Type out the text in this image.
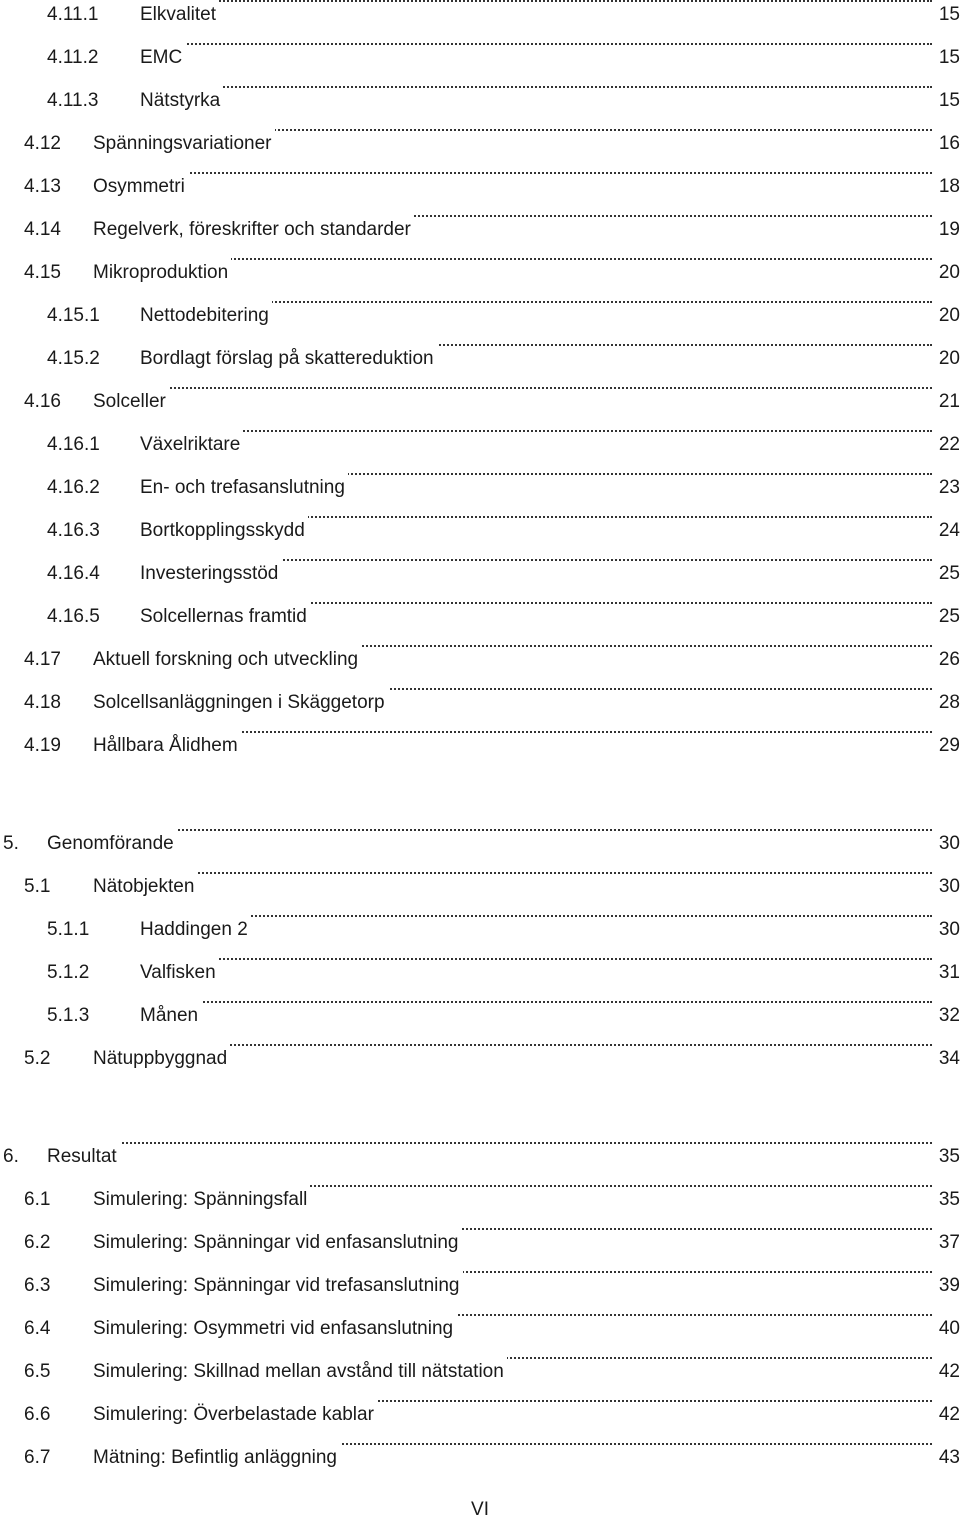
4.11.1 Elkvalitet	15
4.11.2 EMC	15
4.11.3 Nätstyrka	15
4.12 Spänningsvariationer	16
4.13 Osymmetri	18
4.14 Regelverk, föreskrifter och standarder	19
4.15 Mikroproduktion	20
4.15.1 Nettodebitering	20
4.15.2 Bordlagt förslag på skattereduktion	20
4.16 Solceller	21
4.16.1 Växelriktare	22
4.16.2 En- och trefasanslutning	23
4.16.3 Bortkopplingsskydd	24
4.16.4 Investeringsstöd	25
4.16.5 Solcellernas framtid	25
4.17 Aktuell forskning och utveckling	26
4.18 Solcellsanläggningen i Skäggetorp	28
4.19 Hållbara Ålidhem	29
5. Genomförande	30
5.1 Nätobjekten	30
5.1.1	Haddingen 2	30
5.1.2	Valfisken	31
5.1.3	Månen	32
5.2 Nätuppbyggnad	34
6. Resultat	35
6.1 Simulering: Spänningsfall	35
6.2 Simulering: Spänningar vid enfasanslutning	37
6.3 Simulering: Spänningar vid trefasanslutning	39
6.4 Simulering: Osymmetri vid enfasanslutning	40
6.5 Simulering: Skillnad mellan avstånd till nätstation	42
6.6 Simulering: Överbelastade kablar	42
6.7 Mätning: Befintlig anläggning	43
VI
